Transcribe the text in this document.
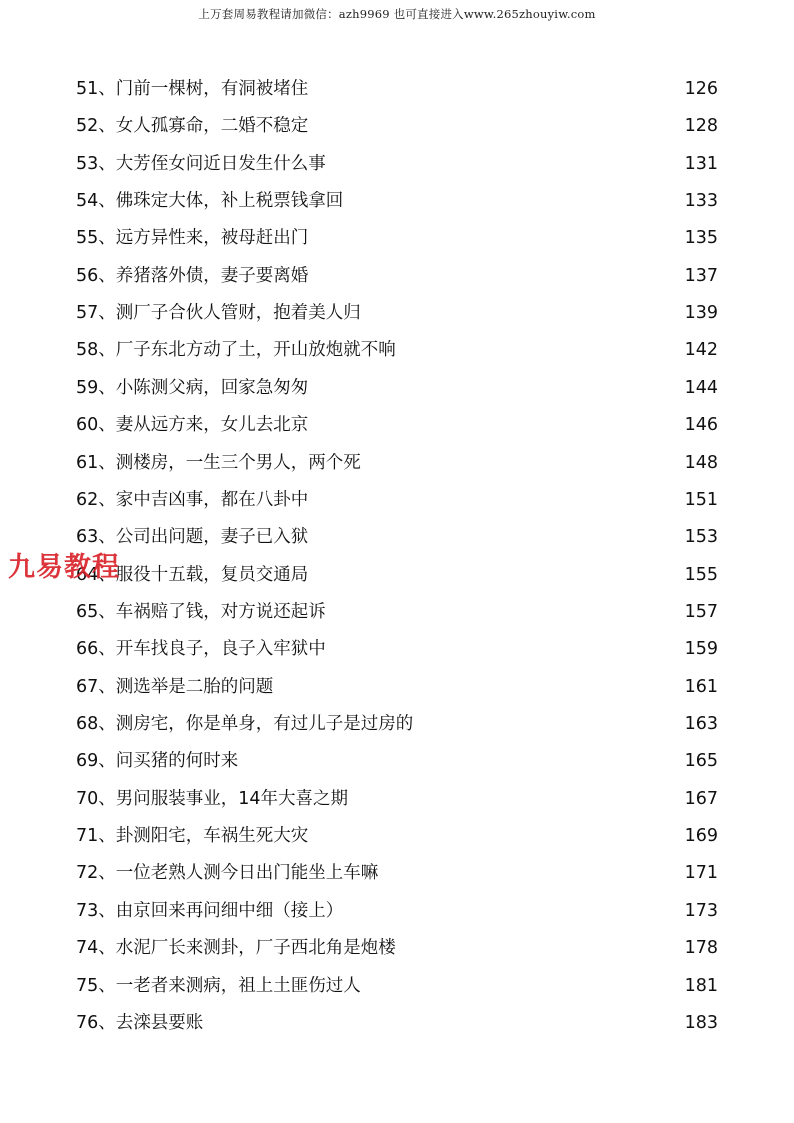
上万套周易教程请加微信：azh9969 也可直接进入www.265zhouyiw.com
51、门前一棵树，有洞被堵住	126
52、女人孤寡命，二婚不稳定	128
53、大芳侄女问近日发生什么事	131
54、佛珠定大体，补上税票钱拿回	133
55、远方异性来，被母赶出门	135
56、养猪落外债，妻子要离婚	137
57、测厂子合伙人管财，抱着美人归	139
58、厂子东北方动了土，开山放炮就不响	142
59、小陈测父病，回家急匆匆	144
60、妻从远方来，女儿去北京	146
61、测楼房，一生三个男人，两个死	148
62、家中吉凶事，都在八卦中	151
63、公司出问题，妻子已入狱	153
64、服役十五载，复员交通局	155
65、车祸赔了钱，对方说还起诉	157
66、开车找良子，良子入牢狱中	159
67、测选举是二胎的问题	161
68、测房宅，你是单身，有过儿子是过房的	163
69、问买猪的何时来	165
70、男问服装事业，14年大喜之期	167
71、卦测阳宅，车祸生死大灾	169
72、一位老熟人测今日出门能坐上车嘛	171
73、由京回来再问细中细（接上）	173
74、水泥厂长来测卦，厂子西北角是炮楼	178
75、一老者来测病，祖上土匪伤过人	181
76、去滦县要账	183
九易教程
